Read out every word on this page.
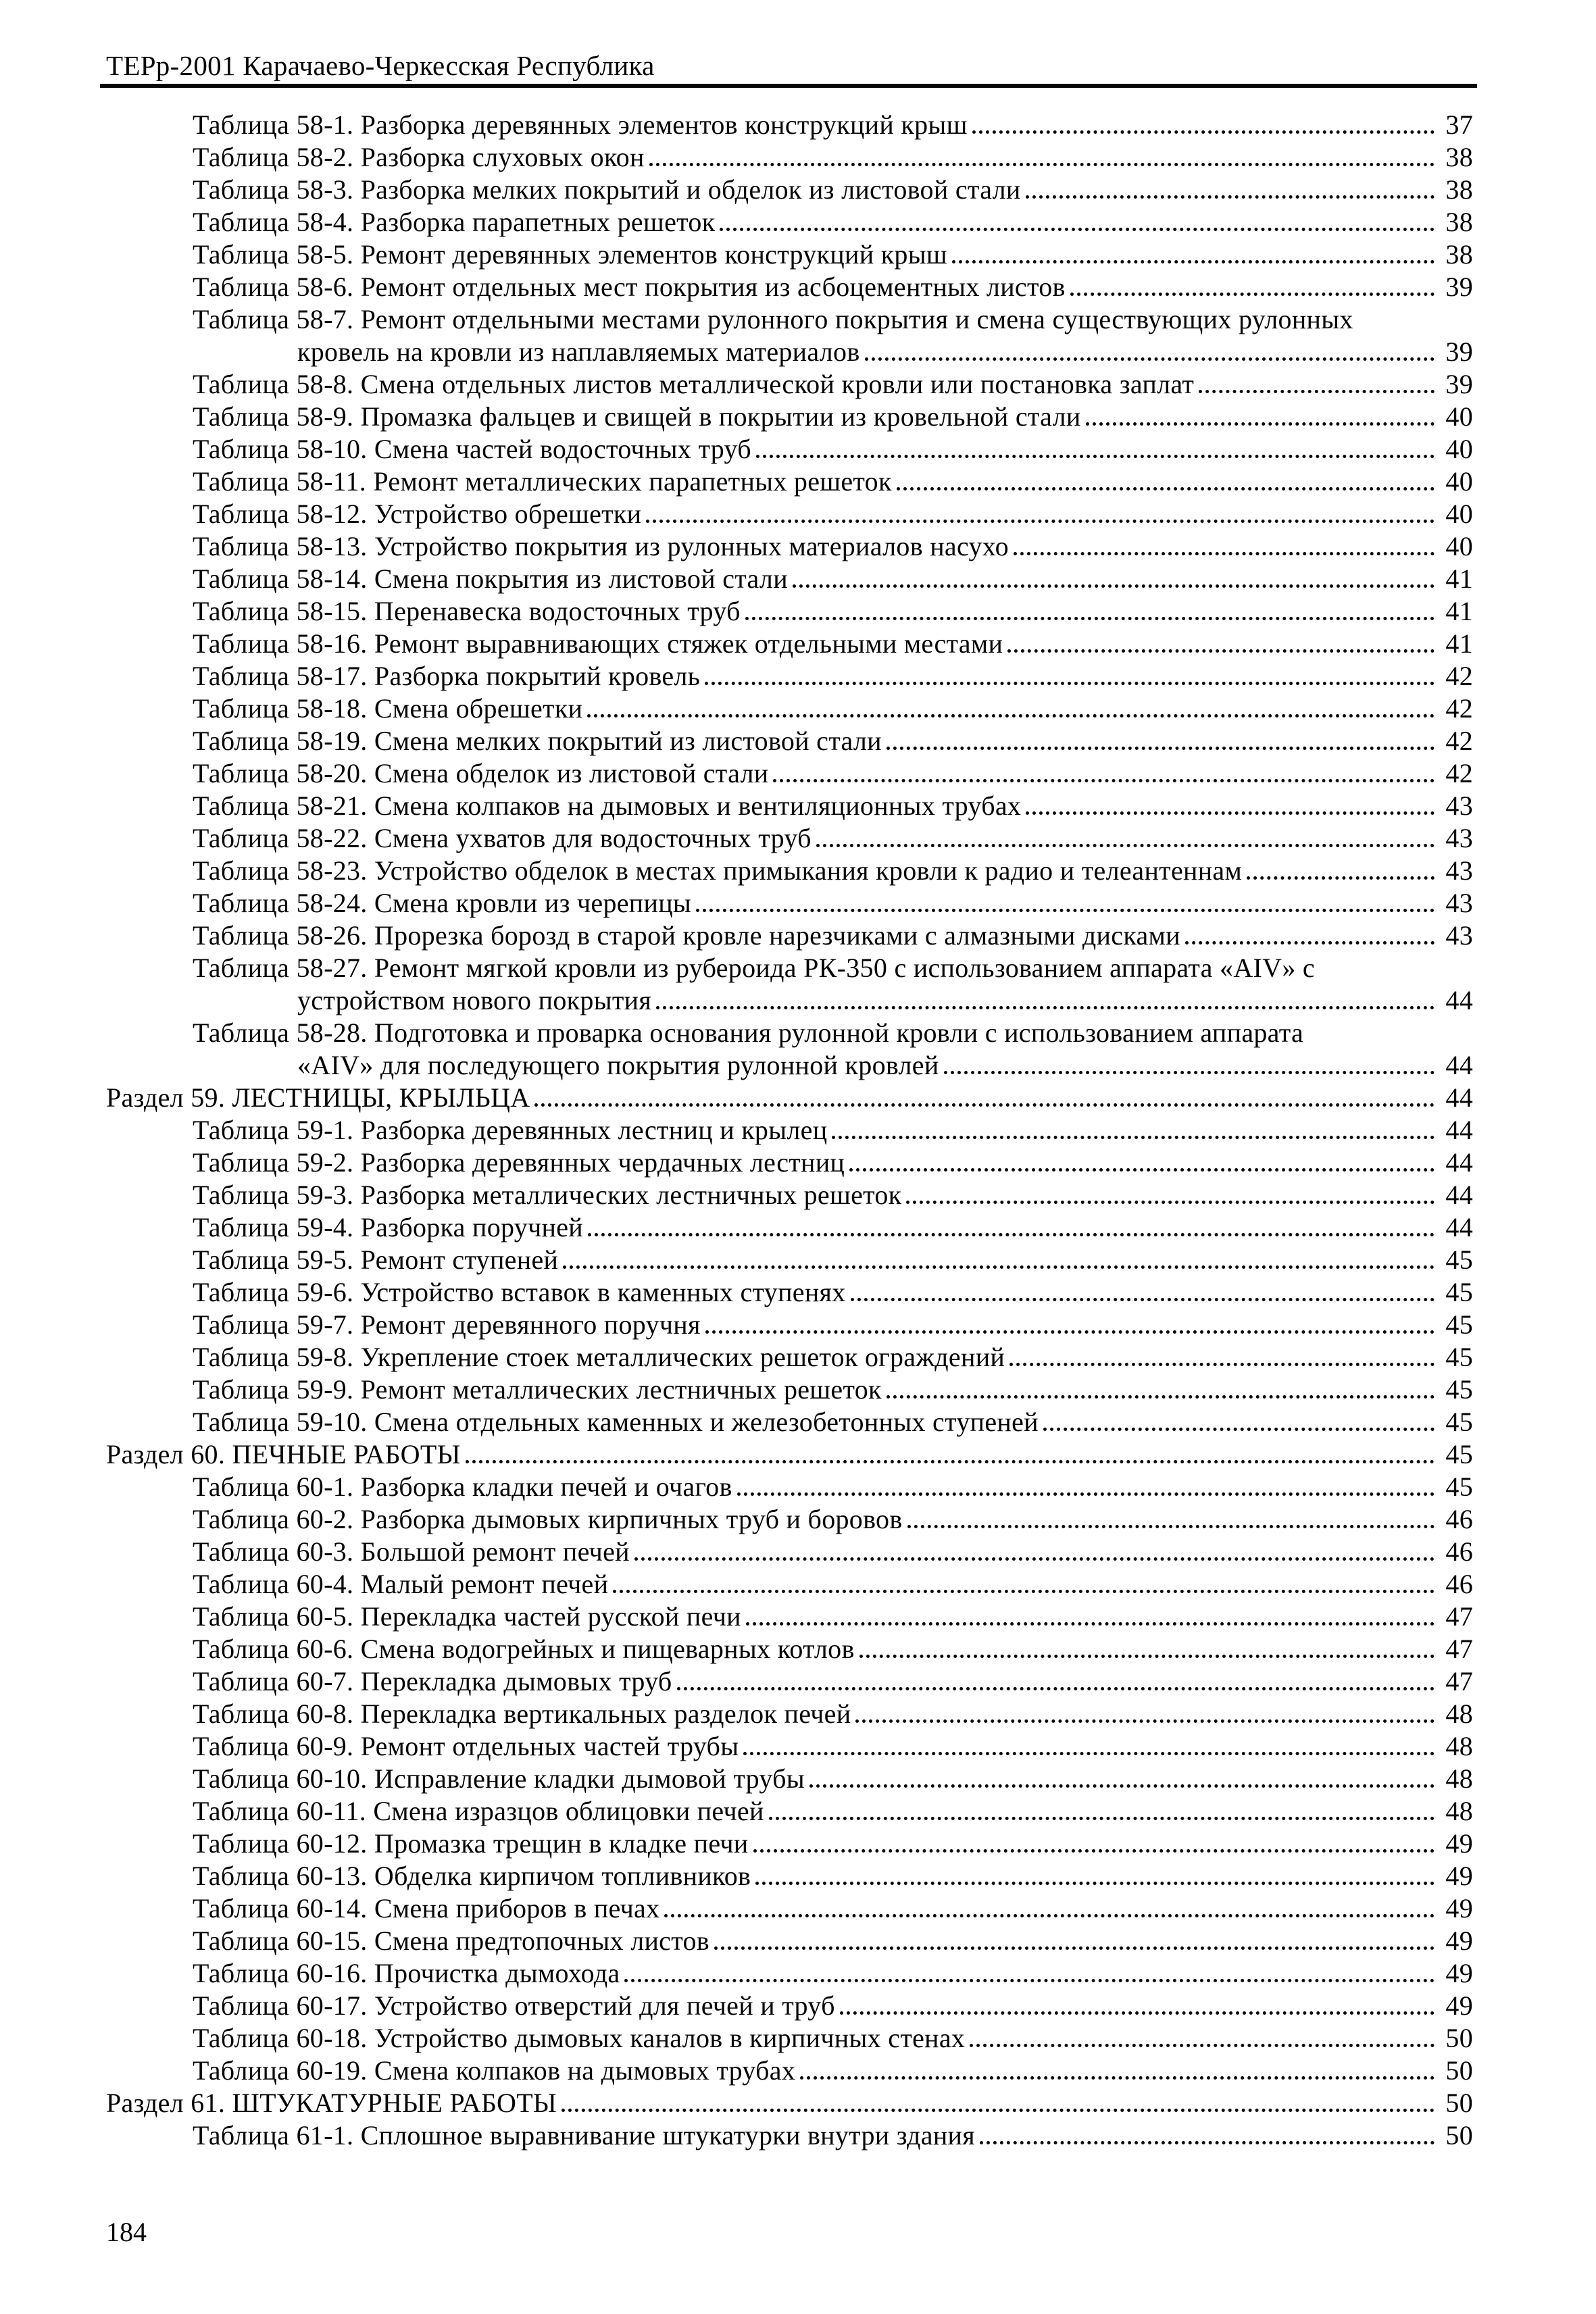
ТЕРр-2001 Карачаево-Черкесская Республика
Таблица 58-1. Разборка деревянных элементов конструкций крыш	37
Таблица 58-2. Разборка слуховых окон	38
Таблица 58-3. Разборка мелких покрытий и обделок из листовой стали	38
Таблица 58-4. Разборка парапетных решеток	38
Таблица 58-5. Ремонт деревянных элементов конструкций крыш	38
Таблица 58-6. Ремонт отдельных мест покрытия из асбоцементных листов	39
Таблица 58-7. Ремонт отдельными местами рулонного покрытия и смена существующих рулонных
кровель на кровли из наплавляемых материалов	39
Таблица 58-8. Смена отдельных листов металлической кровли или постановка заплат	39
Таблица 58-9. Промазка фальцев и свищей в покрытии из кровельной стали	40
Таблица 58-10. Смена частей водосточных труб	40
Таблица 58-11. Ремонт металлических парапетных решеток	40
Таблица 58-12. Устройство обрешетки	40
Таблица 58-13. Устройство покрытия из рулонных материалов насухо	40
Таблица 58-14. Смена покрытия из листовой стали	41
Таблица 58-15. Перенавеска водосточных труб	41
Таблица 58-16. Ремонт выравнивающих стяжек отдельными местами	41
Таблица 58-17. Разборка покрытий кровель	42
Таблица 58-18. Смена обрешетки	42
Таблица 58-19. Смена мелких покрытий из листовой стали	42
Таблица 58-20. Смена обделок из листовой стали	42
Таблица 58-21. Смена колпаков на дымовых и вентиляционных трубах	43
Таблица 58-22. Смена ухватов для водосточных труб	43
Таблица 58-23. Устройство обделок в местах примыкания кровли к радио и телеантеннам	43
Таблица 58-24. Смена кровли из черепицы	43
Таблица 58-26. Прорезка борозд в старой кровле нарезчиками с алмазными дисками	43
Таблица 58-27. Ремонт мягкой кровли из рубероида РК-350 с использованием аппарата «AIV» с
устройством нового покрытия	44
Таблица 58-28. Подготовка и проварка основания рулонной кровли с использованием аппарата
«AIV» для последующего покрытия рулонной кровлей	44
Раздел 59. ЛЕСТНИЦЫ, КРЫЛЬЦА	44
Таблица 59-1. Разборка деревянных лестниц и крылец	44
Таблица 59-2. Разборка деревянных чердачных лестниц	44
Таблица 59-3. Разборка металлических лестничных решеток	44
Таблица 59-4. Разборка поручней	44
Таблица 59-5. Ремонт ступеней	45
Таблица 59-6. Устройство вставок в каменных ступенях	45
Таблица 59-7. Ремонт деревянного поручня	45
Таблица 59-8. Укрепление стоек металлических решеток ограждений	45
Таблица 59-9. Ремонт металлических лестничных решеток	45
Таблица 59-10. Смена отдельных каменных и железобетонных ступеней	45
Раздел 60. ПЕЧНЫЕ РАБОТЫ	45
Таблица 60-1. Разборка кладки печей и очагов	45
Таблица 60-2. Разборка дымовых кирпичных труб и боровов	46
Таблица 60-3. Большой ремонт печей	46
Таблица 60-4. Малый ремонт печей	46
Таблица 60-5. Перекладка частей русской печи	47
Таблица 60-6. Смена водогрейных и пищеварных котлов	47
Таблица 60-7. Перекладка дымовых труб	47
Таблица 60-8. Перекладка вертикальных разделок печей	48
Таблица 60-9. Ремонт отдельных частей трубы	48
Таблица 60-10. Исправление кладки дымовой трубы	48
Таблица 60-11. Смена изразцов облицовки печей	48
Таблица 60-12. Промазка трещин в кладке печи	49
Таблица 60-13. Обделка кирпичом топливников	49
Таблица 60-14. Смена приборов в печах	49
Таблица 60-15. Смена предтопочных листов	49
Таблица 60-16. Прочистка дымохода	49
Таблица 60-17. Устройство отверстий для печей и труб	49
Таблица 60-18. Устройство дымовых каналов в кирпичных стенах	50
Таблица 60-19. Смена колпаков на дымовых трубах	50
Раздел 61. ШТУКАТУРНЫЕ РАБОТЫ	50
Таблица 61-1. Сплошное выравнивание штукатурки внутри здания	50
184
